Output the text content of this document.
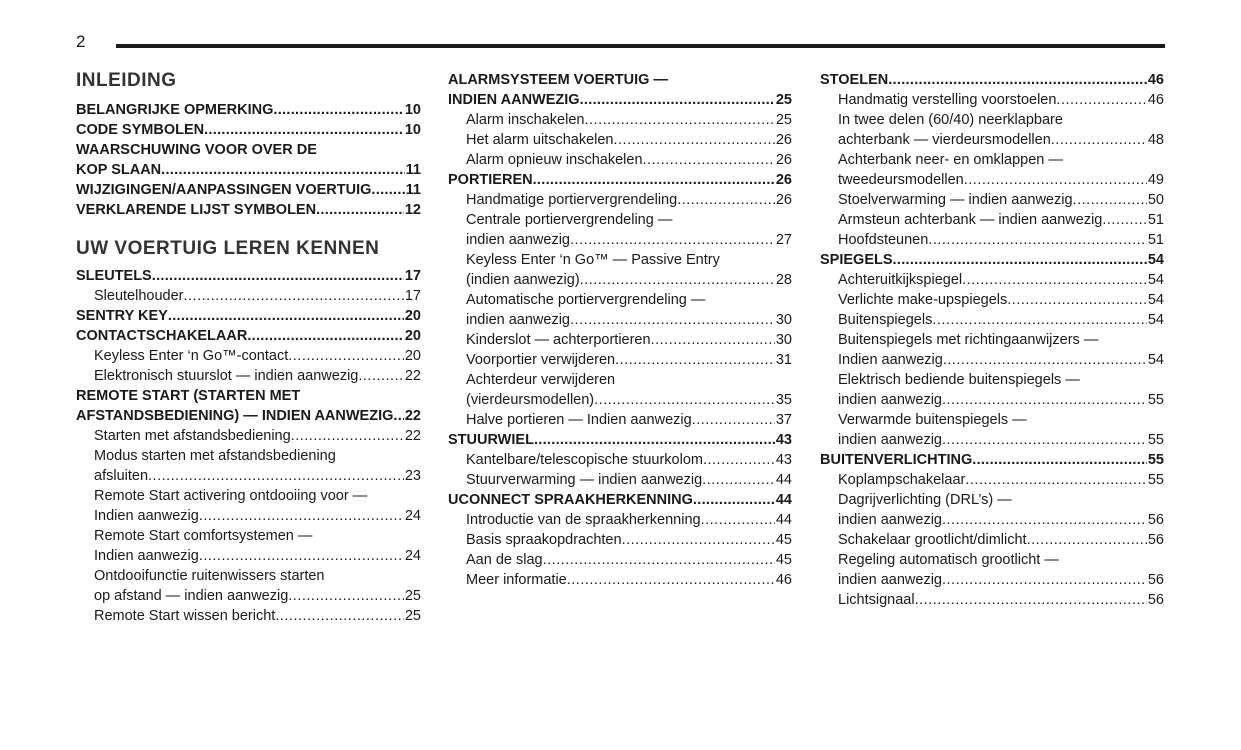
2
INLEIDING
BELANGRIJKE OPMERKING .....	10
CODE SYMBOLEN .....	10
WAARSCHUWING VOOR OVER DE
KOP SLAAN .....	11
WIJZIGINGEN/AANPASSINGEN VOERTUIG ..... 11
VERKLARENDE LIJST SYMBOLEN .....	12
UW VOERTUIG LEREN KENNEN
SLEUTELS .....	17
Sleutelhouder .....	17
SENTRY KEY .....	20
CONTACTSCHAKELAAR .....	20
Keyless Enter ‘n Go™-contact .....	20
Elektronisch stuurslot — indien aanwezig .....	22
REMOTE START (STARTEN MET
AFSTANDSBEDIENING) — INDIEN AANWEZIG ..... 22
Starten met afstandsbediening .....	22
Modus starten met afstandsbediening
afsluiten .....	23
Remote Start activering ontdooiing voor —
Indien aanwezig .....	24
Remote Start comfortsystemen —
Indien aanwezig .....	24
Ontdooifunctie ruitenwissers starten
op afstand — indien aanwezig .....	25
Remote Start wissen bericht .....	25
ALARMSYSTEEM VOERTUIG —
INDIEN AANWEZIG .....	25
Alarm inschakelen .....	25
Het alarm uitschakelen .....	26
Alarm opnieuw inschakelen .....	26
PORTIEREN .....	26
Handmatige portiervergrendeling .....	26
Centrale portiervergrendeling —
indien aanwezig .....	27
Keyless Enter ‘n Go™ — Passive Entry
(indien aanwezig) .....	28
Automatische portiervergrendeling —
indien aanwezig .....	30
Kinderslot — achterportieren .....	30
Voorportier verwijderen .....	31
Achterdeur verwijderen
(vierdeursmodellen) .....	35
Halve portieren — Indien aanwezig .....	37
STUURWIEL .....	43
Kantelbare/telescopische stuurkolom .....	43
Stuurverwarming — indien aanwezig .....	44
UCONNECT SPRAAKHERKENNING .....	44
Introductie van de spraakherkenning .....	44
Basis spraakopdrachten .....	45
Aan de slag .....	45
Meer informatie .....	46
STOELEN .....	46
Handmatig verstelling voorstoelen .....	46
In twee delen (60/40) neerklapbare
achterbank — vierdeursmodellen .....	48
Achterbank neer- en omklappen —
tweedeursmodellen .....	49
Stoelverwarming — indien aanwezig .....	50
Armsteun achterbank — indien aanwezig .....	51
Hoofdsteunen .....	51
SPIEGELS .....	54
Achteruitkijkspiegel .....	54
Verlichte make-upspiegels .....	54
Buitenspiegels .....	54
Buitenspiegels met richtingaanwijzers —
Indien aanwezig .....	54
Elektrisch bediende buitenspiegels —
indien aanwezig .....	55
Verwarmde buitenspiegels —
indien aanwezig .....	55
BUITENVERLICHTING .....	55
Koplampschakelaar .....	55
Dagrijverlichting (DRL’s) —
indien aanwezig .....	56
Schakelaar grootlicht/dimlicht .....	56
Regeling automatisch grootlicht —
indien aanwezig .....	56
Lichtsignaal .....	56
